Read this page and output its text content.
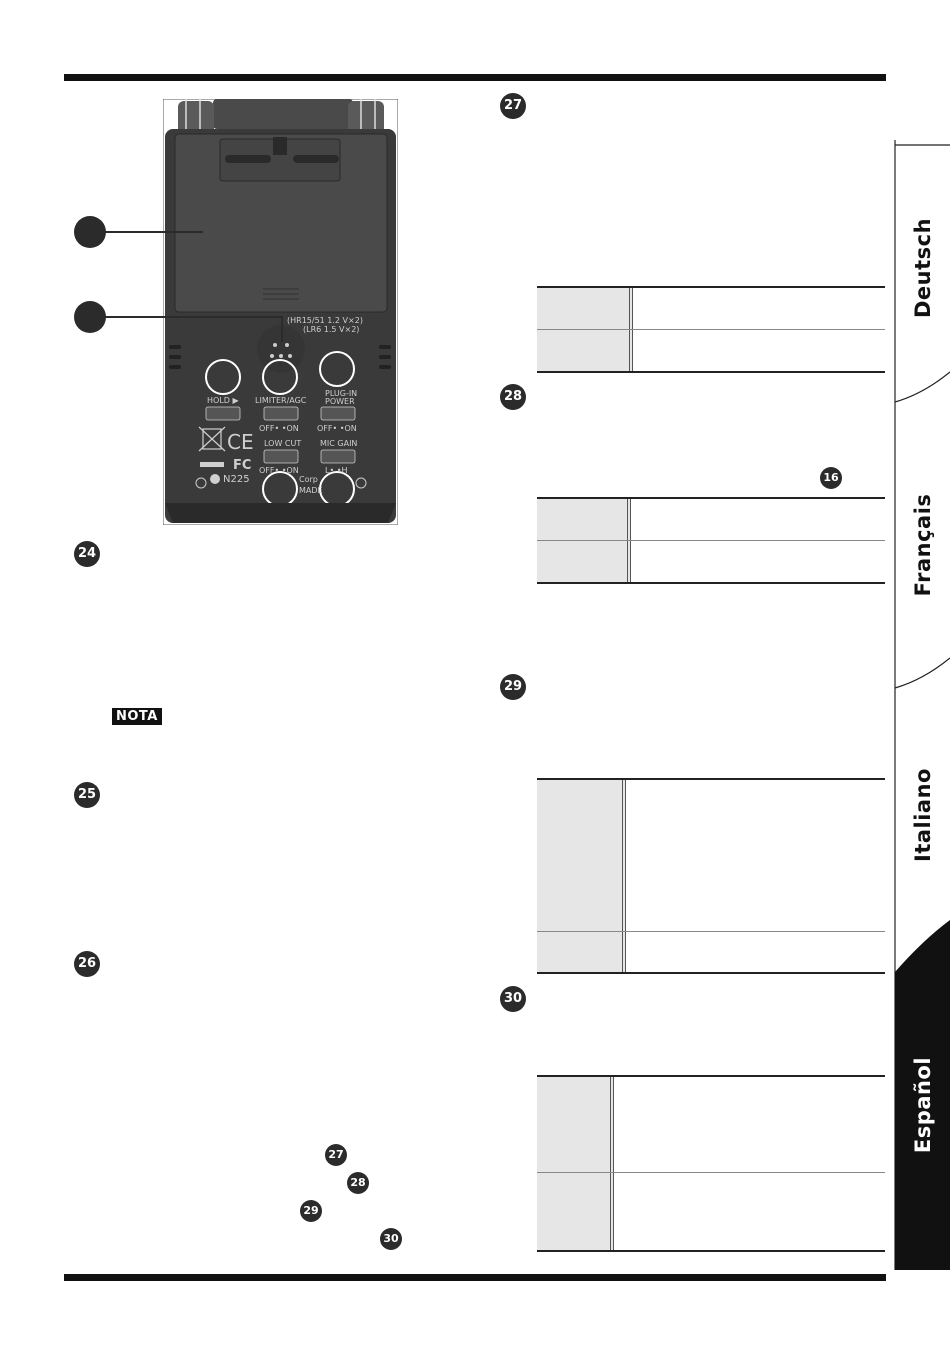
(HR15/51 1.2 V×2)
(LR6 1.5 V×2)
HOLD ▶ LIMITER/AGC
PLUG-IN
POWER
OFF• •ON OFF• •ON
LOW CUT MIC GAIN
OFF• •ON	L• •H
CE
FC
N225	Corp
MADE
24
NOTA
25
26
27
28
29
30
27
28
16
29
30
Deutsch
Français
Italiano
Español
